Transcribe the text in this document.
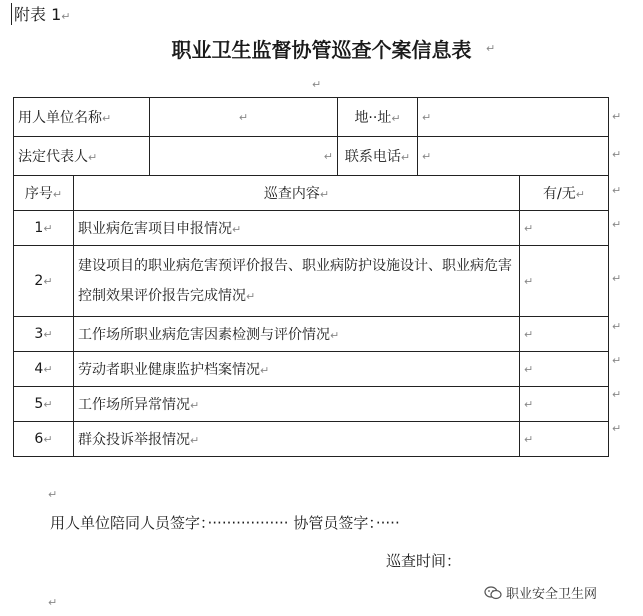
附表 1↵
职业卫生监督协管巡查个案信息表	↵
↵
用人单位名称↵		↵	地··址↵	↵	
法定代表人↵		↵	联系电话↵	↵	
序号↵	巡查内容↵				有/无↵
1↵	职业病危害项目申报情况↵				↵
2↵	建设项目的职业病危害预评价报告、职业病防护设施设计、职业病危害控制效果评价报告完成情况↵				↵
3↵	工作场所职业病危害因素检测与评价情况↵				↵
4↵	劳动者职业健康监护档案情况↵				↵
5↵	工作场所异常情况↵				↵
6↵	群众投诉举报情况↵				↵
↵
↵
↵
↵
↵
↵
↵
↵
↵
↵
用人单位陪同人员签字：················· 协管员签字：·····
巡查时间：
↵
职业安全卫生网
